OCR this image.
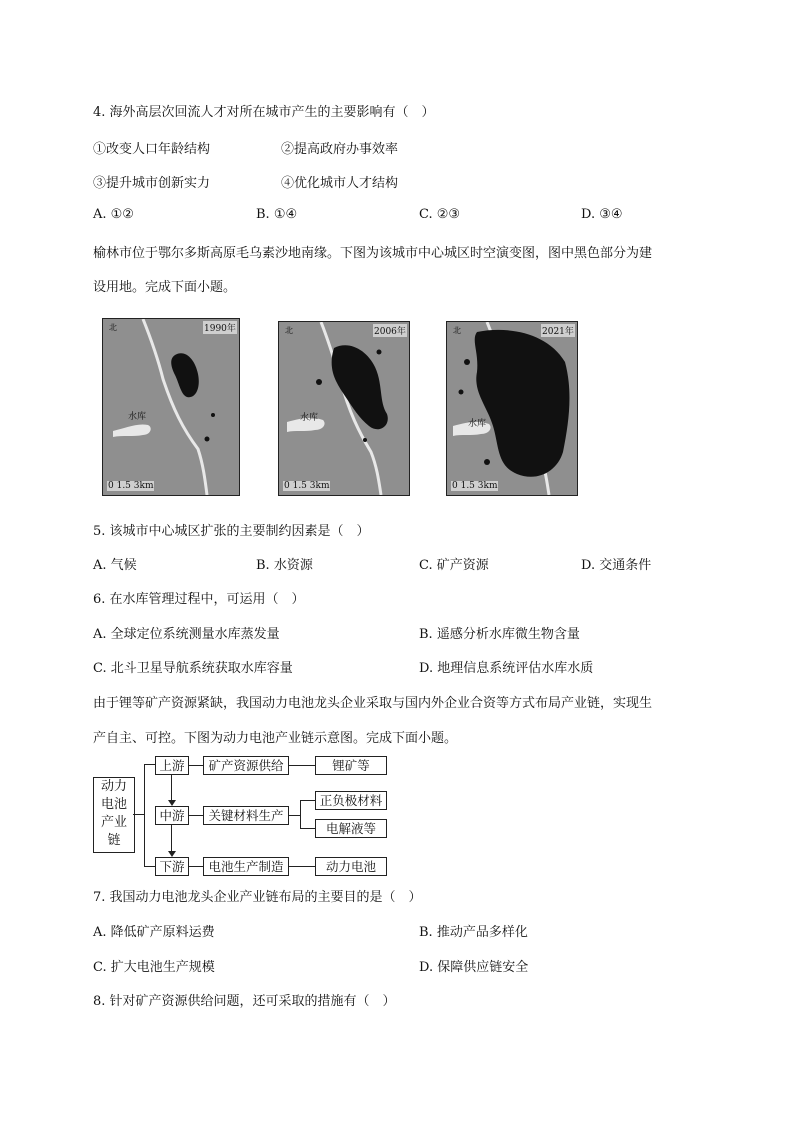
4. 海外高层次回流人才对所在城市产生的主要影响有（　）
①改变人口年龄结构	②提高政府办事效率
③提升城市创新实力	④优化城市人才结构
A. ①②	B. ①④	C. ②③	D. ③④
榆林市位于鄂尔多斯高原毛乌素沙地南缘。下图为该城市中心城区时空演变图，图中黑色部分为建
设用地。完成下面小题。
北	1990年
水库
0 1.5 3km
北	2006年
水库
0 1.5 3km
北	2021年
水库
0 1.5 3km
5. 该城市中心城区扩张的主要制约因素是（　）
A. 气候	B. 水资源	C. 矿产资源	D. 交通条件
6. 在水库管理过程中，可运用（　）
A. 全球定位系统测量水库蒸发量	B. 遥感分析水库微生物含量
C. 北斗卫星导航系统获取水库容量	D. 地理信息系统评估水库水质
由于锂等矿产资源紧缺，我国动力电池龙头企业采取与国内外企业合资等方式布局产业链，实现生
产自主、可控。下图为动力电池产业链示意图。完成下面小题。
动力
电池
产业
链
上游
中游
下游
矿产资源供给
关键材料生产
电池生产制造
锂矿等
正负极材料
电解液等
动力电池
7. 我国动力电池龙头企业产业链布局的主要目的是（　）
A. 降低矿产原料运费	B. 推动产品多样化
C. 扩大电池生产规模	D. 保障供应链安全
8. 针对矿产资源供给问题，还可采取的措施有（　）
